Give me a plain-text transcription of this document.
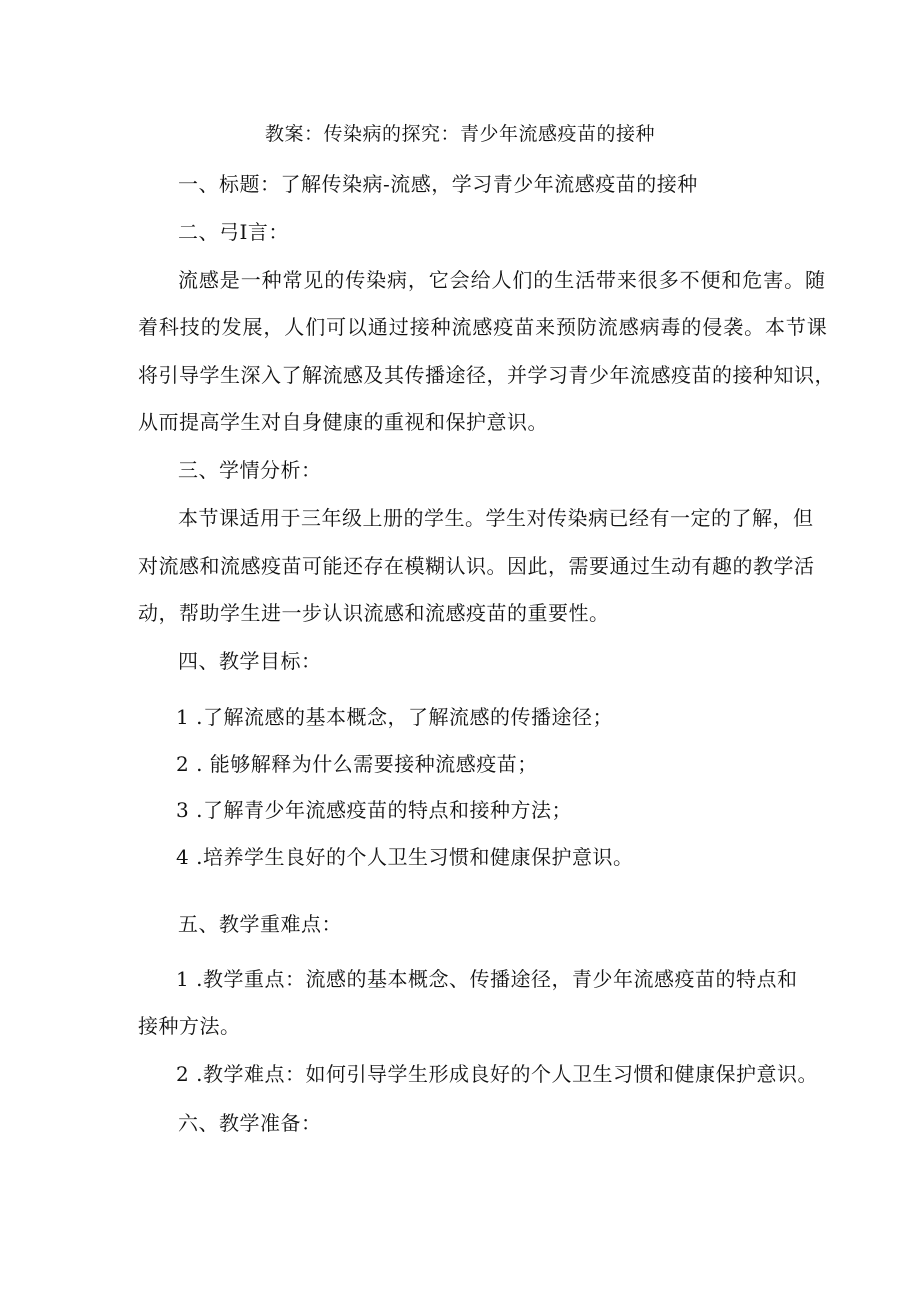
教案：传染病的探究：青少年流感疫苗的接种
一、标题：了解传染病-流感，学习青少年流感疫苗的接种
二、弓I言：
流感是一种常见的传染病，它会给人们的生活带来很多不便和危害。随
着科技的发展，人们可以通过接种流感疫苗来预防流感病毒的侵袭。本节课
将引导学生深入了解流感及其传播途径，并学习青少年流感疫苗的接种知识，
从而提高学生对自身健康的重视和保护意识。
三、学情分析：
本节课适用于三年级上册的学生。学生对传染病已经有一定的了解，但
对流感和流感疫苗可能还存在模糊认识。因此，需要通过生动有趣的教学活
动，帮助学生进一步认识流感和流感疫苗的重要性。
四、教学目标：
1 .了解流感的基本概念，了解流感的传播途径；
2 . 能够解释为什么需要接种流感疫苗；
3 .了解青少年流感疫苗的特点和接种方法；
4 .培养学生良好的个人卫生习惯和健康保护意识。
五、教学重难点：
1 .教学重点：流感的基本概念、传播途径，青少年流感疫苗的特点和
接种方法。
2 .教学难点：如何引导学生形成良好的个人卫生习惯和健康保护意识。
六、教学准备：
